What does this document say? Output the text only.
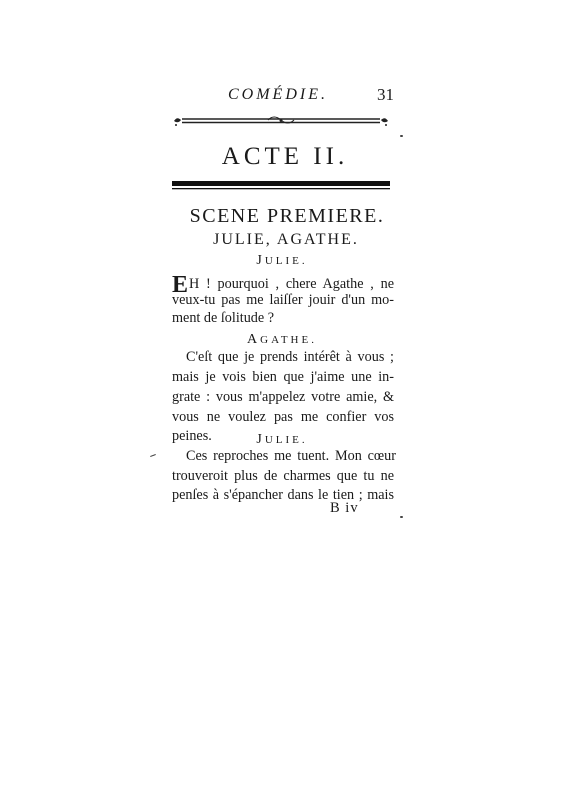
COMÉDIE.	31
ACTE II.
SCENE PREMIERE.
JULIE, AGATHE.
JULIE.
EH ! pourquoi , chere Agathe , ne
veux-tu pas me laiſſer jouir d'un mo-
ment de ſolitude ?
AGATHE.
C'eſt que je prends intérêt à vous ;
mais je vois bien que j'aime une in-
grate : vous m'appelez votre amie, &
vous ne voulez pas me confier vos
peines.	JULIE.
Ces reproches me tuent. Mon cœur
trouveroit plus de charmes que tu ne
penſes à s'épancher dans le tien ; mais
B iv
